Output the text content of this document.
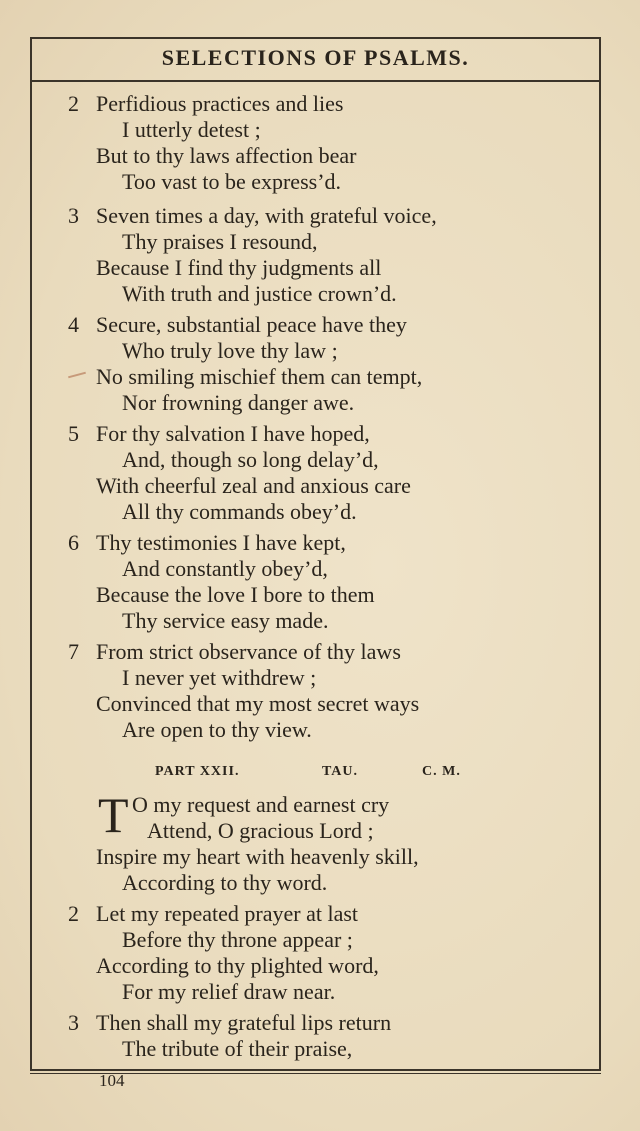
SELECTIONS OF PSALMS.
2 Perfidious practices and lies
I utterly detest ;
But to thy laws affection bear
Too vast to be express’d.
3 Seven times a day, with grateful voice,
Thy praises I resound,
Because I find thy judgments all
With truth and justice crown’d.
4 Secure, substantial peace have they
Who truly love thy law ;
No smiling mischief them can tempt,
Nor frowning danger awe.
5 For thy salvation I have hoped,
And, though so long delay’d,
With cheerful zeal and anxious care
All thy commands obey’d.
6 Thy testimonies I have kept,
And constantly obey’d,
Because the love I bore to them
Thy service easy made.
7 From strict observance of thy laws
I never yet withdrew ;
Convinced that my most secret ways
Are open to thy view.
PART XXII.	TAU.	C. M.
T O my request and earnest cry
Attend, O gracious Lord ;
Inspire my heart with heavenly skill,
According to thy word.
2 Let my repeated prayer at last
Before thy throne appear ;
According to thy plighted word,
For my relief draw near.
3 Then shall my grateful lips return
The tribute of their praise,
104
